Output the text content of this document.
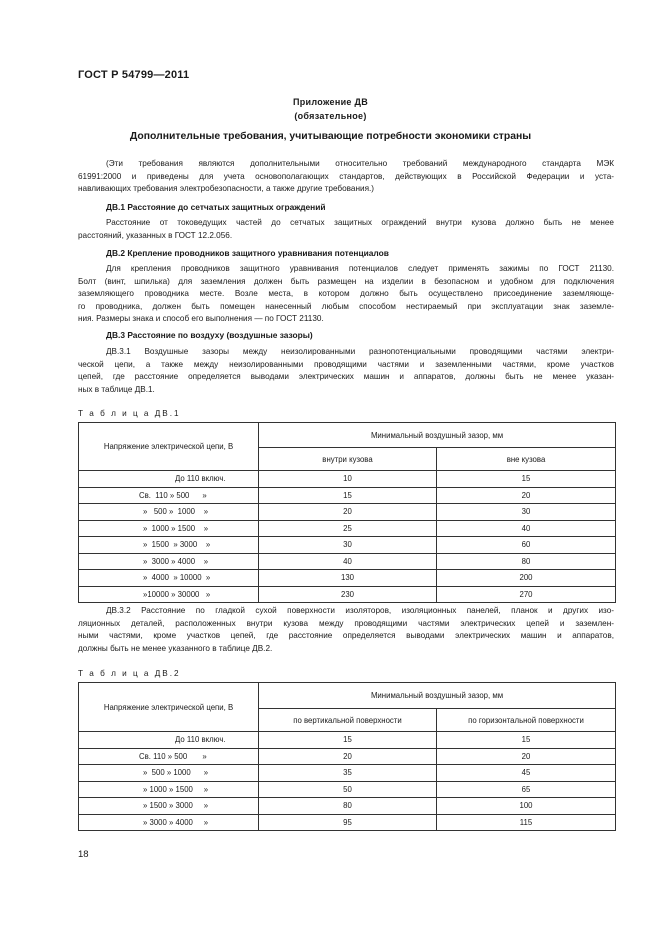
ГОСТ Р 54799—2011
Приложение ДВ
(обязательное)
Дополнительные требования, учитывающие потребности экономики страны
(Эти требования являются дополнительными относительно требований международного стандарта МЭК
61991:2000 и приведены для учета основополагающих стандартов, действующих в Российской Федерации и уста-
навливающих требования электробезопасности, а также другие требования.)
ДВ.1 Расстояние до сетчатых защитных ограждений
Расстояние от токоведущих частей до сетчатых защитных ограждений внутри кузова должно быть не менее
расстояний, указанных в ГОСТ 12.2.056.
ДВ.2 Крепление проводников защитного уравнивания потенциалов
Для крепления проводников защитного уравнивания потенциалов следует применять зажимы по ГОСТ 21130.
Болт (винт, шпилька) для заземления должен быть размещен на изделии в безопасном и удобном для подключения
заземляющего проводника месте. Возле места, в котором должно быть осуществлено присоединение заземляюще-
го проводника, должен быть помещен нанесенный любым способом нестираемый при эксплуатации знак заземле-
ния. Размеры знака и способ его выполнения — по ГОСТ 21130.
ДВ.3 Расстояние по воздуху (воздушные зазоры)
ДВ.3.1 Воздушные зазоры между неизолированными разнопотенциальными проводящими частями электри-
ческой цепи, а также между неизолированными проводящими частями и заземленными частями, кроме участков
цепей, где расстояние определяется выводами электрических машин и аппаратов, должны быть не менее указан-
ных в таблице ДВ.1.
Т а б л и ц а ДВ.1
Напряжение электрической цепи, В	Минимальный воздушный зазор, мм	
	внутри кузова	вне кузова
До 110 включ.	10	15
Св.  110 » 500      »	15	20
»   500 »  1000    »	20	30
»  1000 » 1500    »	25	40
»  1500  » 3000    »	30	60
»  3000 » 4000    »	40	80
»  4000  » 10000  »	130	200
»10000 » 30000   »	230	270
ДВ.3.2 Расстояние по гладкой сухой поверхности изоляторов, изоляционных панелей, планок и других изо-
ляционных деталей, расположенных внутри кузова между проводящими частями электрических цепей и заземлен-
ными частями, кроме участков цепей, где расстояние определяется выводами электрических машин и аппаратов,
должны быть не менее указанного в таблице ДВ.2.
Т а б л и ц а ДВ.2
Напряжение электрической цепи, В	Минимальный воздушный зазор, мм	
	по вертикальной поверхности	по горизонтальной поверхности
До 110 включ.	15	15
Св. 110 » 500       »	20	20
»  500 » 1000      »	35	45
» 1000 » 1500     »	50	65
» 1500 » 3000     »	80	100
» 3000 » 4000     »	95	115
18
